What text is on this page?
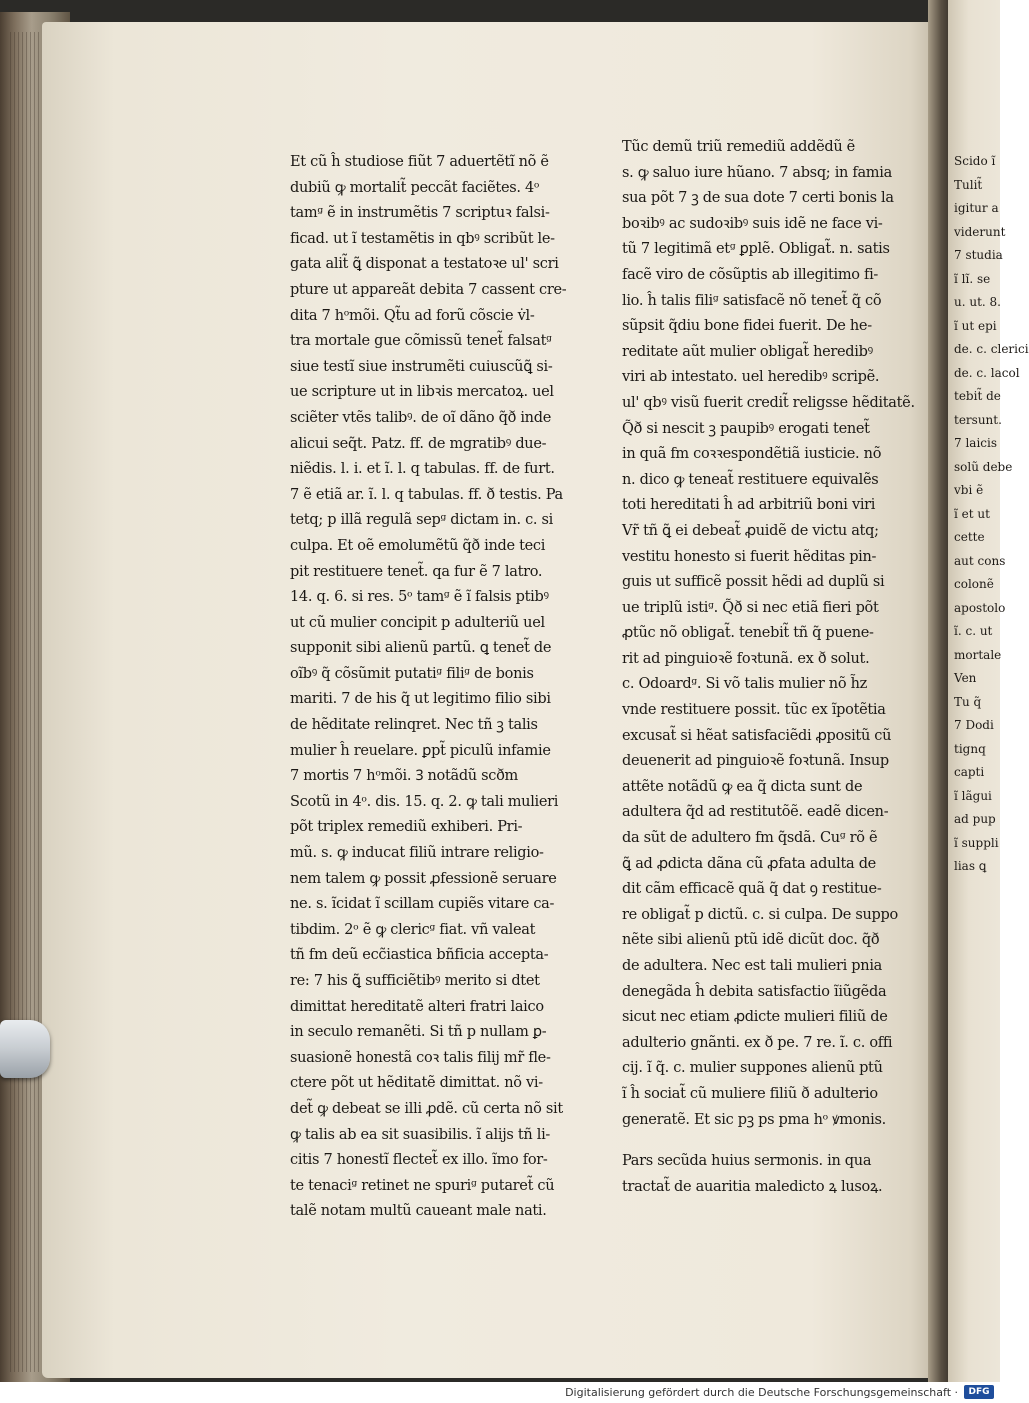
Scido ĩ
Tulit̃
igitur a
viderunt
7 studia
ĩ lĩ. se
u. ut. 8.
ĩ ut epi
de. c. clerici
de. c. lacol
tebit̃ de
tersunt.
7 laicis
solũ debe
vbi ẽ
ĩ et ut
cette
aut cons
colonẽ
apostolo
ĩ. c. ut
mortale
Ven
Tu q̃
7 Dodi
tignq
capti
ĩ lãgui
ad pup
ĩ suppli
lias ꝗ
Et cũ ĥ studiose fiũt 7 aduertẽtĩ nõ ẽ
dubiũ ꝙ mortalit̃ peccãt faciẽtes. 4ᵒ
tamᵍ ẽ in instrumẽtis 7 scriptuꝛ falsi-
ficad. ut ĩ testamẽtis in qbꝰ scribũt le-
gata alit̃ ꝗ̃ disponat a testatoꝛe ul' scri
pture ut appareãt debita 7 cassent cre-
dita 7 hᵒmõi. Qt̃u ad forũ cõscie v̇l-
tra mortale gue cõmissũ tenet̃ falsatᵍ
siue testĩ siue instrumẽti cuiuscũꝗ̃ si-
ue scripture ut in libꝛis mercatoꝝ. uel
sciẽter vtẽs talibꝰ. de oĩ dãno q̃ð inde
alicui seq̃t. Patz. ff. de mgratibꝰ due-
niẽdis. l. i. et ĩ. l. q tabulas. ff. de furt.
7 ẽ etiã ar. ĩ. l. q tabulas. ff. ð testis. Pa
tetq; p illã regulã sepᵍ dictam in. c. si
culpa. Et oẽ emolumẽtũ q̃ð inde teci
pit restituere tenet̃. qa fur ẽ 7 latro.
14. q. 6. si res. 5ᵒ tamᵍ ẽ ĩ falsis ptibꝰ
ut cũ mulier concipit p adulteriũ uel
supponit sibi alienũ partũ. ꝗ tenet̃ de
oĩbꝰ q̃ cõsũmit putatiᵍ filiᵍ de bonis
mariti. 7 de his q̃ ut legitimo filio sibi
de hẽditate relinqret. Nec tñ ꝫ talis
mulier ĥ reuelare. ꝑpt̃ piculũ infamie
7 mortis 7 hᵒmõi. Ꝫ notãdũ scðm
Scotũ in 4ᵒ. dis. 15. q. 2. ꝙ tali mulieri
põt triplex remediũ exhiberi. Pri-
mũ. s. ꝙ inducat filiũ intrare religio-
nem talem ꝙ possit ꝓfessionẽ seruare
ne. s. ĩcidat ĩ scillam cupiẽs vitare ca-
tibdim. 2ᵒ ẽ ꝙ clericᵍ fiat. vñ valeat
tñ fm deũ ecc̃iastica bñficia accepta-
re: 7 his ꝗ̃ sufficiẽtibꝰ merito si dtet
dimittat hereditatẽ alteri fratri laico
in seculo remanẽti. Si tñ p nullam ꝑ-
suasionẽ honestã coꝛ talis filij mr̃ fle-
ctere põt ut hẽditatẽ dimittat. nõ vi-
det̃ ꝙ debeat se illi ꝓdẽ. cũ certa nõ sit
ꝙ talis ab ea sit suasibilis. ĩ alijs tñ li-
citis 7 honestĩ flectet̃ ex illo. ĩmo for-
te tenaciᵍ retinet ne spuriᵍ putaret̃ cũ
talẽ notam multũ caueant male nati.
Tũc demũ triũ remediũ addẽdũ ẽ
s. ꝙ saluo iure hũano. 7 absq; in famia
sua põt 7 ꝫ de sua dote 7 certi bonis la
boꝛibꝰ ac sudoꝛibꝰ suis idẽ ne face vi-
tũ 7 legitimã etᵍ ꝑplẽ. Obligat̃. n. satis
facẽ viro de cõsũptis ab illegitimo fi-
lio. ĥ talis filiᵍ satisfacẽ nõ tenet̃ q̃ cõ
sũpsit q̃diu bone fidei fuerit. De he-
reditate aũt mulier obligat̃ heredibꝰ
viri ab intestato. uel heredibꝰ scripẽ.
ul' qbꝰ visũ fuerit credit̃ religsse hẽditatẽ.
Q̃ð si nescit ꝫ paupibꝰ erogati tenet̃
in quã fm coꝛꝛespondẽtiã iusticie. nõ
n. dico ꝙ teneat̃ restituere equivalẽs
toti hereditati ĥ ad arbitriũ boni viri
Vr̃ tñ ꝗ̃ ei debeat̃ ꝓuidẽ de victu atq;
vestitu honesto si fuerit hẽditas pin-
guis ut sufficẽ possit hẽdi ad duplũ si
ue triplũ istiᵍ. Q̃ð si nec etiã fieri põt
ꝓtũc nõ obligat̃. tenebit̃ tñ q̃ puene-
rit ad pinguioꝛẽ foꝛtunã. ex ð solut.
c. Odoardᵍ. Si võ talis mulier nõ h̃z
vnde restituere possit. tũc ex ĩpotẽtia
excusat̃ si hẽat satisfaciẽdi ꝓpositũ cũ
deuenerit ad pinguioꝛẽ foꝛtunã. Insup
attẽte notãdũ ꝙ ea q̃ dicta sunt de
adultera q̃d ad restitutõẽ. eadẽ dicen-
da sũt de adultero fm q̃sdã. Cuᵍ rõ ẽ
ꝗ̃ ad ꝓdicta dãna cũ ꝓfata adulta de
dit cãm efficacẽ quã q̃ dat ꝯ restitue-
re obligat̃ p dictũ. c. si culpa. De suppo
nẽte sibi alienũ ptũ idẽ dicũt doc. q̃ð
de adultera. Nec est tali mulieri pnia
denegãda ĥ debita satisfactio ĩiũgẽda
sicut nec etiam ꝓdicte mulieri filiũ de
adulterio gnãnti. ex ð pe. 7 re. ĩ. c. offi
cij. ĩ q̃. c. mulier suppones alienũ ptũ
ĩ ĥ sociat̃ cũ muliere filiũ ð adulterio
generatẽ. Et sic pꝫ ps pma hᵒ ꝟmonis.
Pars secũda huius sermonis. in qua
tractat̃ de auaritia maledicto ꝝ lusoꝝ.
Digitalisierung gefördert durch die Deutsche Forschungsgemeinschaft ·	DFG
